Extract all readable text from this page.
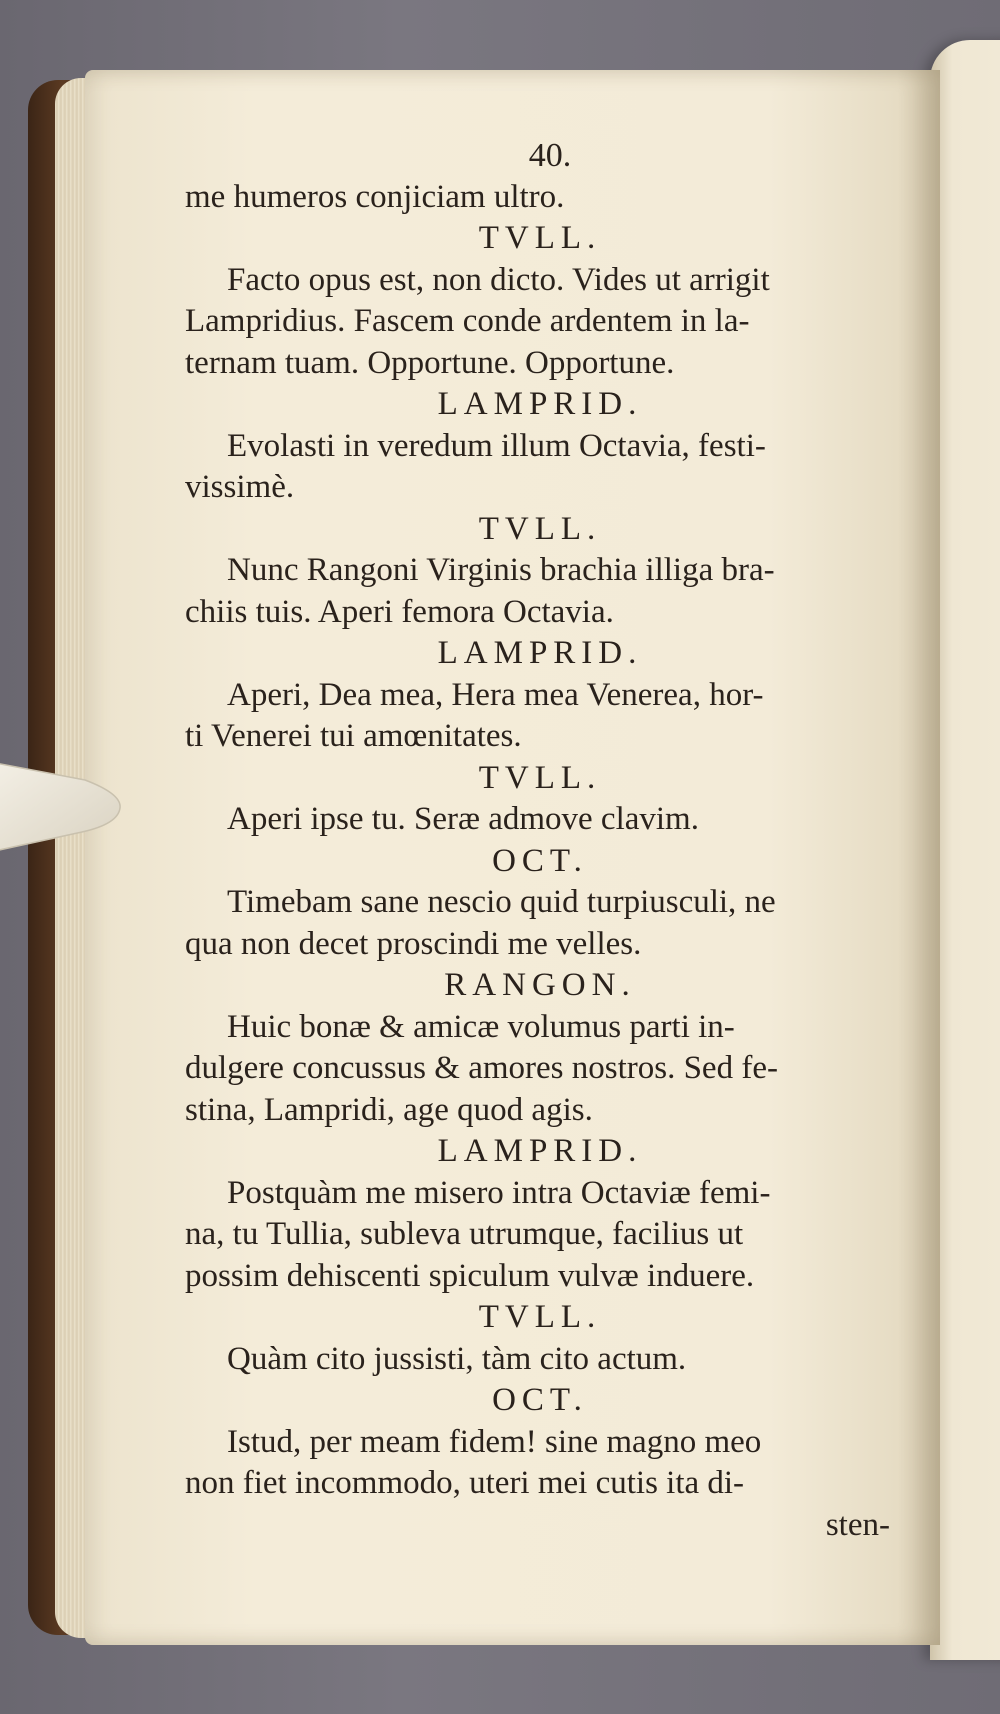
40.
me humeros conjiciam ultro.
TVLL.
Facto opus est, non dicto. Vides ut arrigit
Lampridius. Fascem conde ardentem in la-
ternam tuam. Opportune. Opportune.
LAMPRID.
Evolasti in veredum illum Octavia, festi-
vissimè.
TVLL.
Nunc Rangoni Virginis brachia illiga bra-
chiis tuis. Aperi femora Octavia.
LAMPRID.
Aperi, Dea mea, Hera mea Venerea, hor-
ti Venerei tui amœnitates.
TVLL.
Aperi ipse tu. Seræ admove clavim.
OCT.
Timebam sane nescio quid turpiusculi, ne
qua non decet proscindi me velles.
RANGON.
Huic bonæ & amicæ volumus parti in-
dulgere concussus & amores nostros. Sed fe-
stina, Lampridi, age quod agis.
LAMPRID.
Postquàm me misero intra Octaviæ femi-
na, tu Tullia, subleva utrumque, facilius ut
possim dehiscenti spiculum vulvæ induere.
TVLL.
Quàm cito jussisti, tàm cito actum.
OCT.
Istud, per meam fidem! sine magno meo
non fiet incommodo, uteri mei cutis ita di-
sten-
